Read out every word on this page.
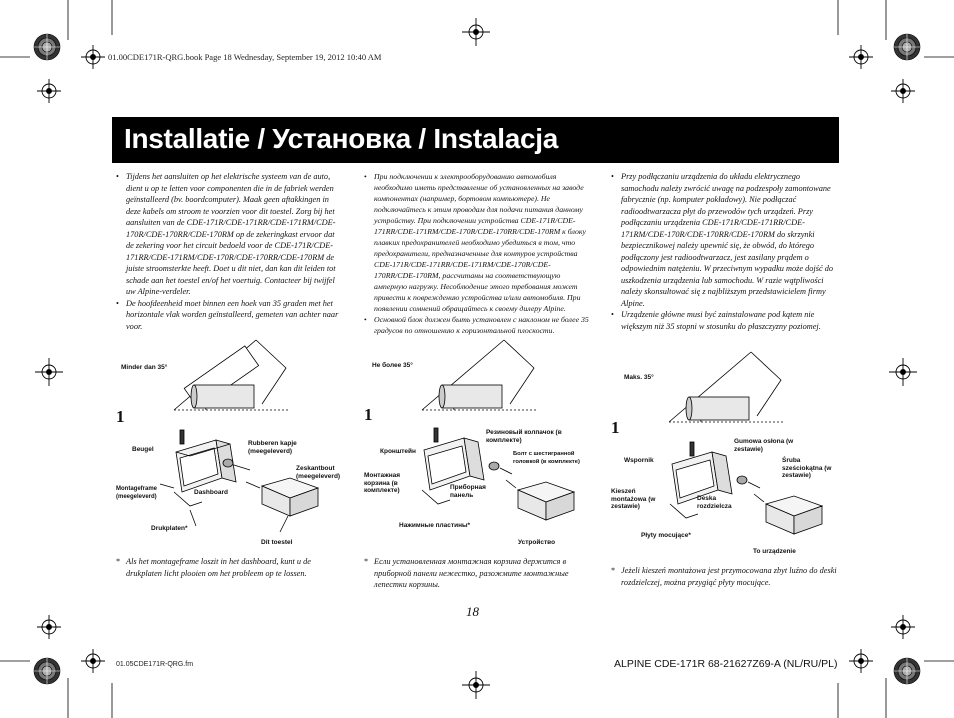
01.00CDE171R-QRG.book Page 18 Wednesday, September 19, 2012 10:40 AM
Installatie / Установка / Instalacja
• Tijdens het aansluiten op het elektrische systeem van de auto, dient u op te letten voor componenten die in de fabriek werden geïnstalleerd (bv. boordcomputer). Maak geen aftakkingen in deze kabels om stroom te voorzien voor dit toestel. Zorg bij het aansluiten van de CDE-171R/CDE-171RR/CDE-171RM/CDE-170R/CDE-170RR/CDE-170RM op de zekeringkast ervoor dat de zekering voor het circuit bedoeld voor de CDE-171R/CDE-171RR/CDE-171RM/CDE-170R/CDE-170RR/CDE-170RM de juiste stroomsterkte heeft. Doet u dit niet, dan kan dit leiden tot schade aan het toestel en/of het voertuig. Contacteer bij twijfel uw Alpine-verdeler.
• De hoofdeenheid moet binnen een hoek van 35 graden met het horizontale vlak worden geïnstalleerd, gemeten van achter naar voor.
• При подключении к электрооборудованию автомобиля необходимо иметь представление об установленных на заводе компонентах (например, бортовом компьютере). Не подключайтесь к этим проводам для подачи питания данному устройству. При подключении устройства CDE-171R/CDE-171RR/CDE-171RM/CDE-170R/CDE-170RR/CDE-170RM к блоку плавких предохранителей необходимо убедиться в том, что предохранители, предназначенные для контуров устройства CDE-171R/CDE-171RR/CDE-171RM/CDE-170R/CDE-170RR/CDE-170RM, рассчитаны на соответствующую амперную нагрузку. Несоблюдение этого требования может привести к повреждению устройства и/или автомобиля. При появлении сомнений обращайтесь к своему дилеру Alpine.
• Основной блок должен быть установлен с наклоном не более 35 градусов по отношению к горизонтальной плоскости.
• Przy podłączaniu urządzenia do układu elektrycznego samochodu należy zwrócić uwagę na podzespoły zamontowane fabrycznie (np. komputer pokładowy). Nie podłączać radioodtwarzacza płyt do przewodów tych urządzeń. Przy podłączaniu urządzenia CDE-171R/CDE-171RR/CDE-171RM/CDE-170R/CDE-170RR/CDE-170RM do skrzynki bezpiecznikowej należy upewnić się, że obwód, do którego podłączony jest radioodtwarzacz, jest zasilany prądem o odpowiednim natężeniu. W przeciwnym wypadku może dojść do uszkodzenia urządzenia lub samochodu. W razie wątpliwości należy skonsultować się z najbliższym przedstawicielem firmy Alpine.
• Urządzenie główne musi być zainstalowane pod kątem nie większym niż 35 stopni w stosunku do płaszczyzny poziomej.
Minder dan 35°	Не более 35°
Maks. 35°
1	1
1
Beugel
Rubberen kapje (meegeleverd)
Zeskantbout (meegeleverd)
Montageframe (meegeleverd)
Dashboard
Drukplaten*
Dit toestel
Кронштейн
Резиновый колпачок (в комплекте)
Болт с шестигранной головкой (в комплекте)
Монтажная корзина (в комплекте)	Приборная панель
Нажимные пластины*
Устройство
Wspornik
Gumowa osłona (w zestawie)
Śruba sześciokątna (w zestawie)
Kieszeń montażowa (w zestawie)
Deska rozdzielcza
Płyty mocujące*
To urządzenie
* Als het montageframe loszit in het dashboard, kunt u de drukplaten licht plooien om het probleem op te lossen.
* Если установленная монтажная корзина держится в приборной панели нежестко, разожмите монтажные лепестки корзины.
* Jeżeli kieszeń montażowa jest przymocowana zbyt luźno do deski rozdzielczej, można przygiąć płyty mocujące.
18
01.05CDE171R-QRG.fm	ALPINE CDE-171R 68-21627Z69-A (NL/RU/PL)
